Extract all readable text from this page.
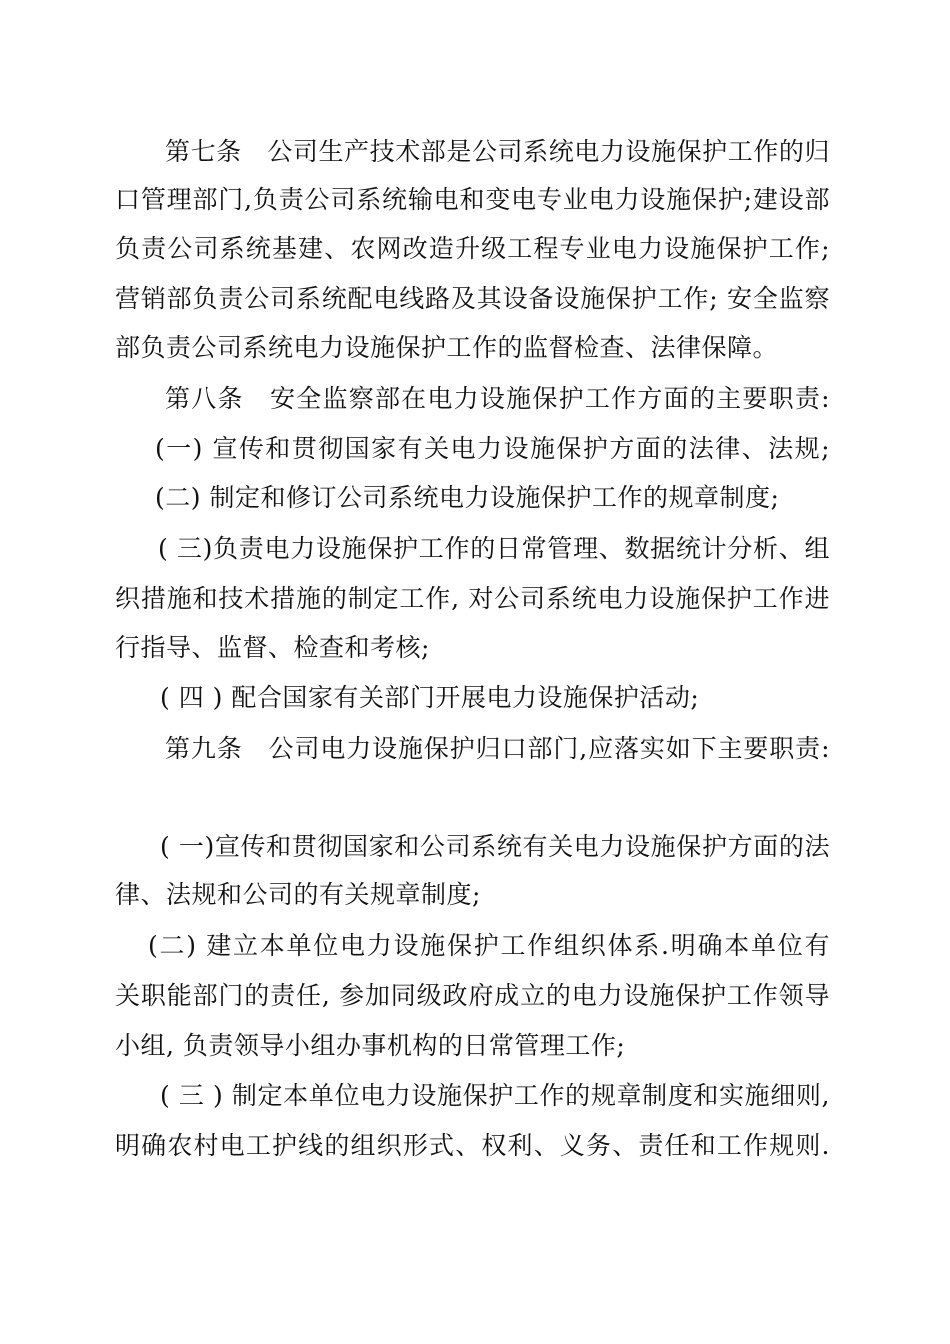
第七条　公司生产技术部是公司系统电力设施保护工作的归
口管理部门,负责公司系统输电和变电专业电力设施保护;建设部
负责公司系统基建、农网改造升级工程专业电力设施保护工作;
营销部负责公司系统配电线路及其设备设施保护工作; 安全监察
部负责公司系统电力设施保护工作的监督检查、法律保障。
第八条　安全监察部在电力设施保护工作方面的主要职责:
(一) 宣传和贯彻国家有关电力设施保护方面的法律、法规;
(二) 制定和修订公司系统电力设施保护工作的规章制度;
( 三)负责电力设施保护工作的日常管理、数据统计分析、组
织措施和技术措施的制定工作, 对公司系统电力设施保护工作进
行指导、监督、检查和考核;
( 四 ) 配合国家有关部门开展电力设施保护活动;
第九条　公司电力设施保护归口部门,应落实如下主要职责:
( 一)宣传和贯彻国家和公司系统有关电力设施保护方面的法
律、法规和公司的有关规章制度;
(二) 建立本单位电力设施保护工作组织体系.明确本单位有
关职能部门的责任, 参加同级政府成立的电力设施保护工作领导
小组, 负责领导小组办事机构的日常管理工作;
( 三 ) 制定本单位电力设施保护工作的规章制度和实施细则,
明确农村电工护线的组织形式、权利、义务、责任和工作规则.
